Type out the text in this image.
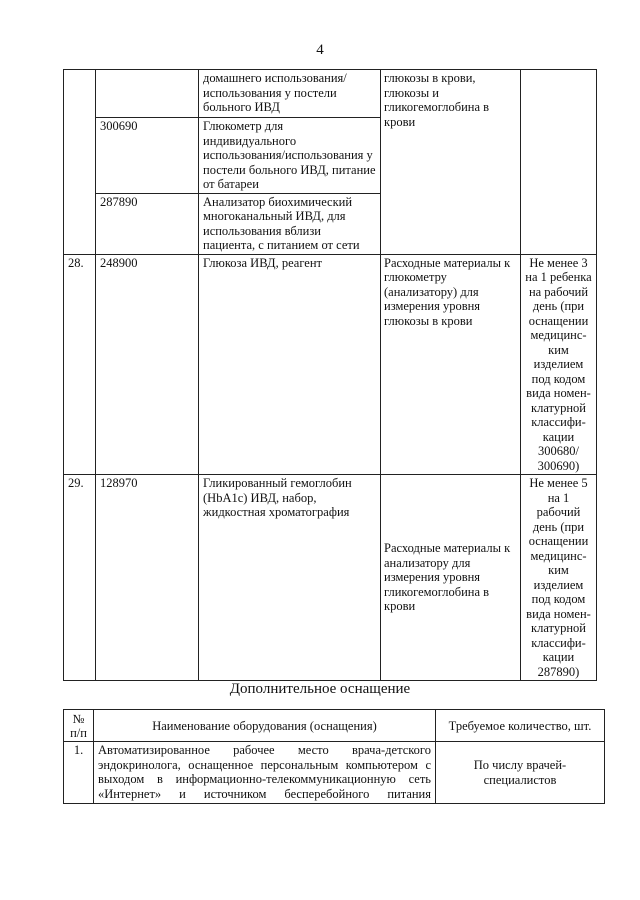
4
		домашнего использования/использования у постели больного ИВД	глюкозы в крови, глюкозы и гликогемоглобина в крови	
	300690	Глюкометр для индивидуального использования/использования у постели больного ИВД, питание от батареи		
	287890	Анализатор биохимический многоканальный ИВД, для использования вблизи пациента, с питанием от сети		
28.	248900	Глюкоза ИВД, реагент	Расходные материалы к глюкометру (анализатору) для измерения уровня глюкозы в крови	Не менее 3 на 1 ребенка на рабочий день (при оснащении медицинс-ким изделием под кодом вида номен-клатурной классифи-кации 300680/ 300690)
29.	128970	Гликированный гемоглобин (HbA1c) ИВД, набор, жидкостная хроматография	Расходные материалы к анализатору для измерения уровня гликогемоглобина в крови	Не менее 5 на 1 рабочий день (при оснащении медицинс-ким изделием под кодом вида номен-клатурной классифи-кации 287890)
Дополнительное оснащение
№ п/п	Наименование оборудования (оснащения)	Требуемое количество, шт.
1.	Автоматизированное рабочее место врача-детского эндокринолога, оснащенное персональным компьютером с выходом в информационно-телекоммуникационную сеть «Интернет» и источником бесперебойного питания	По числу врачей-специалистов
